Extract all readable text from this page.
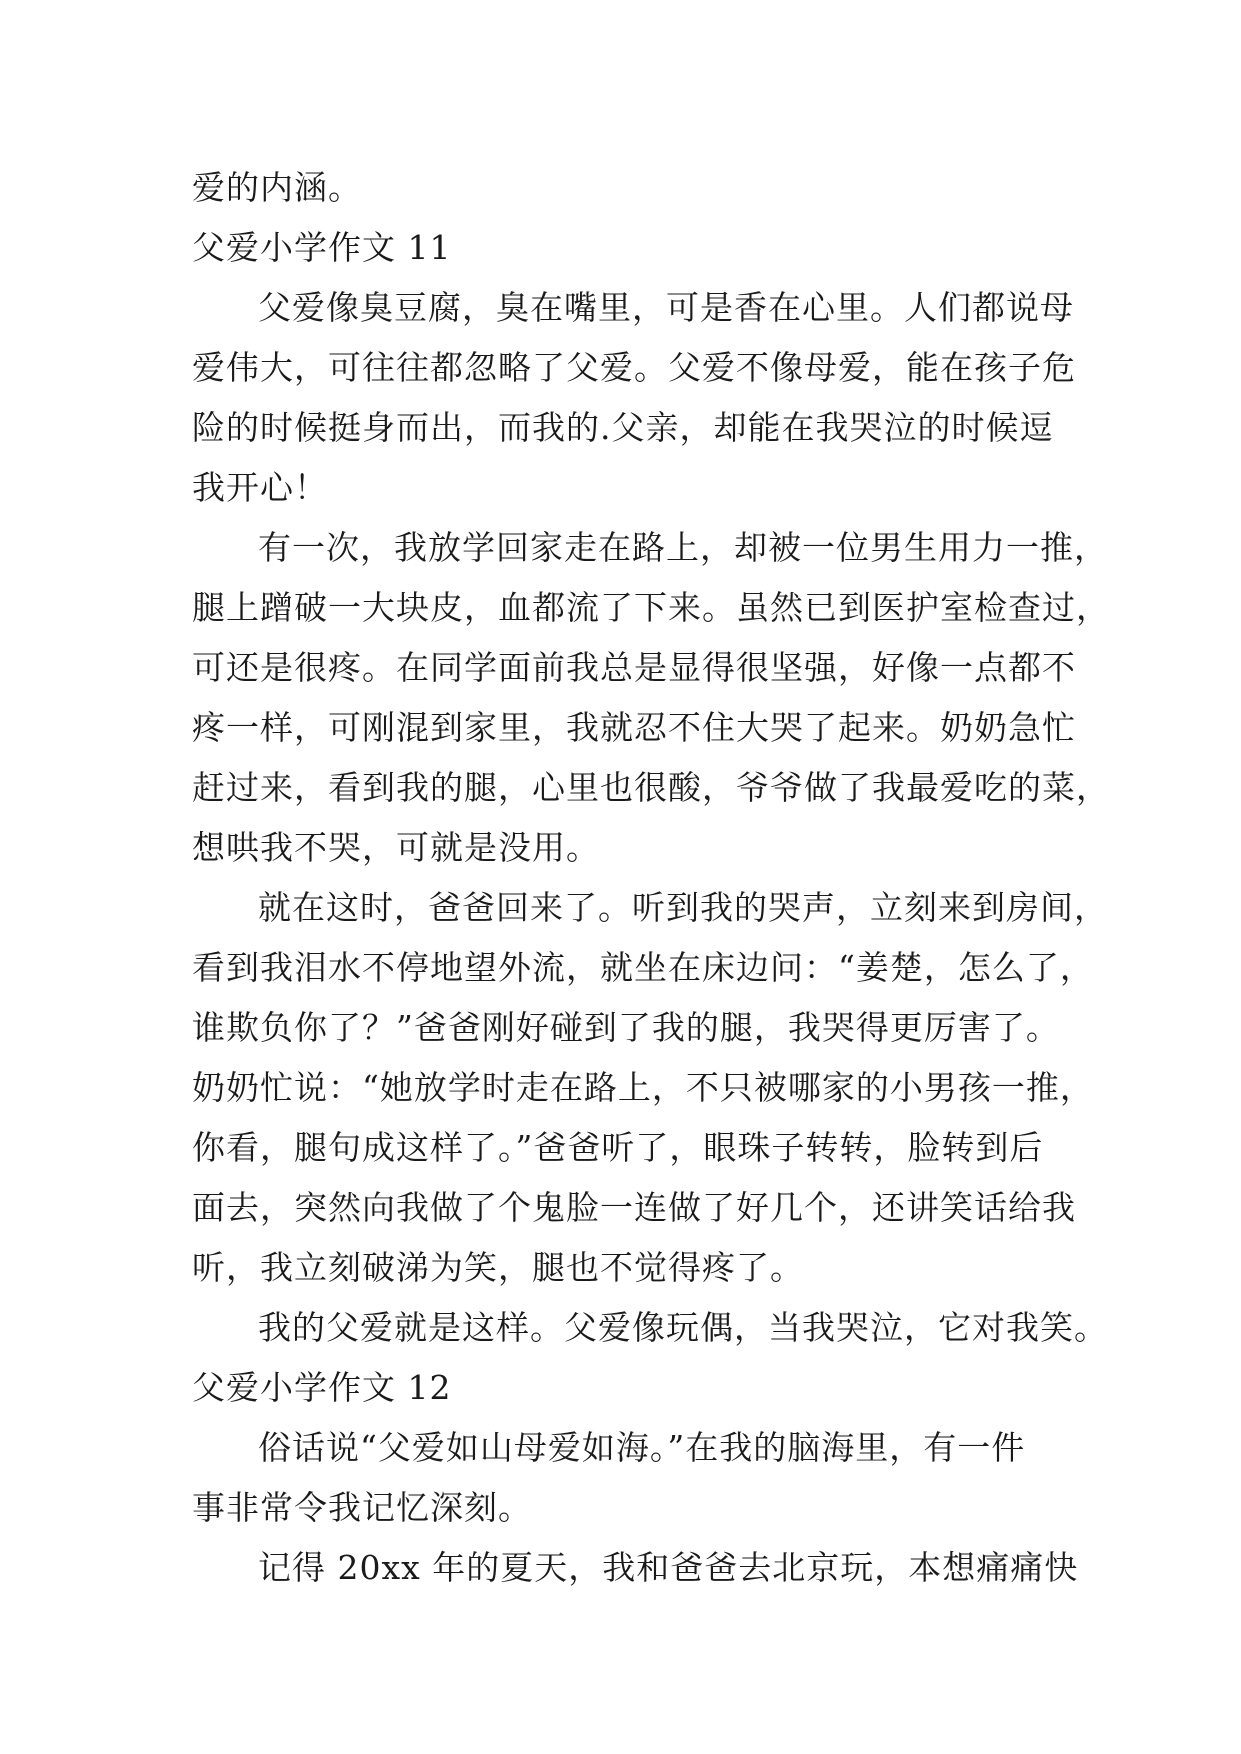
爱的内涵。
父爱小学作文 11
父爱像臭豆腐，臭在嘴里，可是香在心里。人们都说母
爱伟大，可往往都忽略了父爱。父爱不像母爱，能在孩子危
险的时候挺身而出，而我的.父亲，却能在我哭泣的时候逗
我开心！
有一次，我放学回家走在路上，却被一位男生用力一推，
腿上蹭破一大块皮，血都流了下来。虽然已到医护室检查过，
可还是很疼。在同学面前我总是显得很坚强，好像一点都不
疼一样，可刚混到家里，我就忍不住大哭了起来。奶奶急忙
赶过来，看到我的腿，心里也很酸，爷爷做了我最爱吃的菜，
想哄我不哭，可就是没用。
就在这时，爸爸回来了。听到我的哭声，立刻来到房间，
看到我泪水不停地望外流，就坐在床边问：“姜楚，怎么了，
谁欺负你了？”爸爸刚好碰到了我的腿，我哭得更厉害了。
奶奶忙说：“她放学时走在路上，不只被哪家的小男孩一推，
你看，腿句成这样了。”爸爸听了，眼珠子转转，脸转到后
面去，突然向我做了个鬼脸一连做了好几个，还讲笑话给我
听，我立刻破涕为笑，腿也不觉得疼了。
我的父爱就是这样。父爱像玩偶，当我哭泣，它对我笑。
父爱小学作文 12
俗话说“父爱如山母爱如海。”在我的脑海里，有一件
事非常令我记忆深刻。
记得 20xx 年的夏天，我和爸爸去北京玩，本想痛痛快
